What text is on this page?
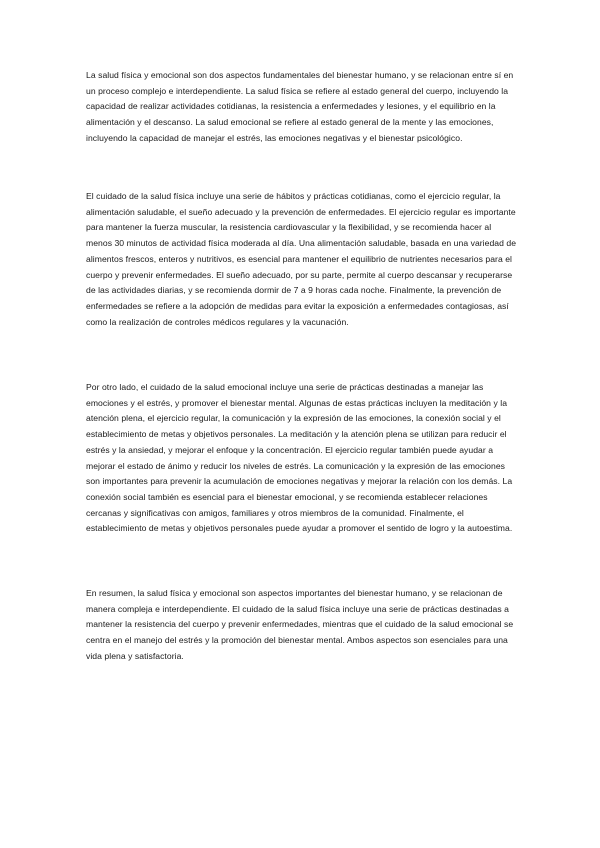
La salud física y emocional son dos aspectos fundamentales del bienestar humano, y se relacionan entre sí en un proceso complejo e interdependiente. La salud física se refiere al estado general del cuerpo, incluyendo la capacidad de realizar actividades cotidianas, la resistencia a enfermedades y lesiones, y el equilibrio en la alimentación y el descanso. La salud emocional se refiere al estado general de la mente y las emociones, incluyendo la capacidad de manejar el estrés, las emociones negativas y el bienestar psicológico.

El cuidado de la salud física incluye una serie de hábitos y prácticas cotidianas, como el ejercicio regular, la alimentación saludable, el sueño adecuado y la prevención de enfermedades. El ejercicio regular es importante para mantener la fuerza muscular, la resistencia cardiovascular y la flexibilidad, y se recomienda hacer al menos 30 minutos de actividad física moderada al día. Una alimentación saludable, basada en una variedad de alimentos frescos, enteros y nutritivos, es esencial para mantener el equilibrio de nutrientes necesarios para el cuerpo y prevenir enfermedades. El sueño adecuado, por su parte, permite al cuerpo descansar y recuperarse de las actividades diarias, y se recomienda dormir de 7 a 9 horas cada noche. Finalmente, la prevención de enfermedades se refiere a la adopción de medidas para evitar la exposición a enfermedades contagiosas, así como la realización de controles médicos regulares y la vacunación.

Por otro lado, el cuidado de la salud emocional incluye una serie de prácticas destinadas a manejar las emociones y el estrés, y promover el bienestar mental. Algunas de estas prácticas incluyen la meditación y la atención plena, el ejercicio regular, la comunicación y la expresión de las emociones, la conexión social y el establecimiento de metas y objetivos personales. La meditación y la atención plena se utilizan para reducir el estrés y la ansiedad, y mejorar el enfoque y la concentración. El ejercicio regular también puede ayudar a mejorar el estado de ánimo y reducir los niveles de estrés. La comunicación y la expresión de las emociones son importantes para prevenir la acumulación de emociones negativas y mejorar la relación con los demás. La conexión social también es esencial para el bienestar emocional, y se recomienda establecer relaciones cercanas y significativas con amigos, familiares y otros miembros de la comunidad. Finalmente, el establecimiento de metas y objetivos personales puede ayudar a promover el sentido de logro y la autoestima.

En resumen, la salud física y emocional son aspectos importantes del bienestar humano, y se relacionan de manera compleja e interdependiente. El cuidado de la salud física incluye una serie de prácticas destinadas a mantener la resistencia del cuerpo y prevenir enfermedades, mientras que el cuidado de la salud emocional se centra en el manejo del estrés y la promoción del bienestar mental. Ambos aspectos son esenciales para una vida plena y satisfactoria.
